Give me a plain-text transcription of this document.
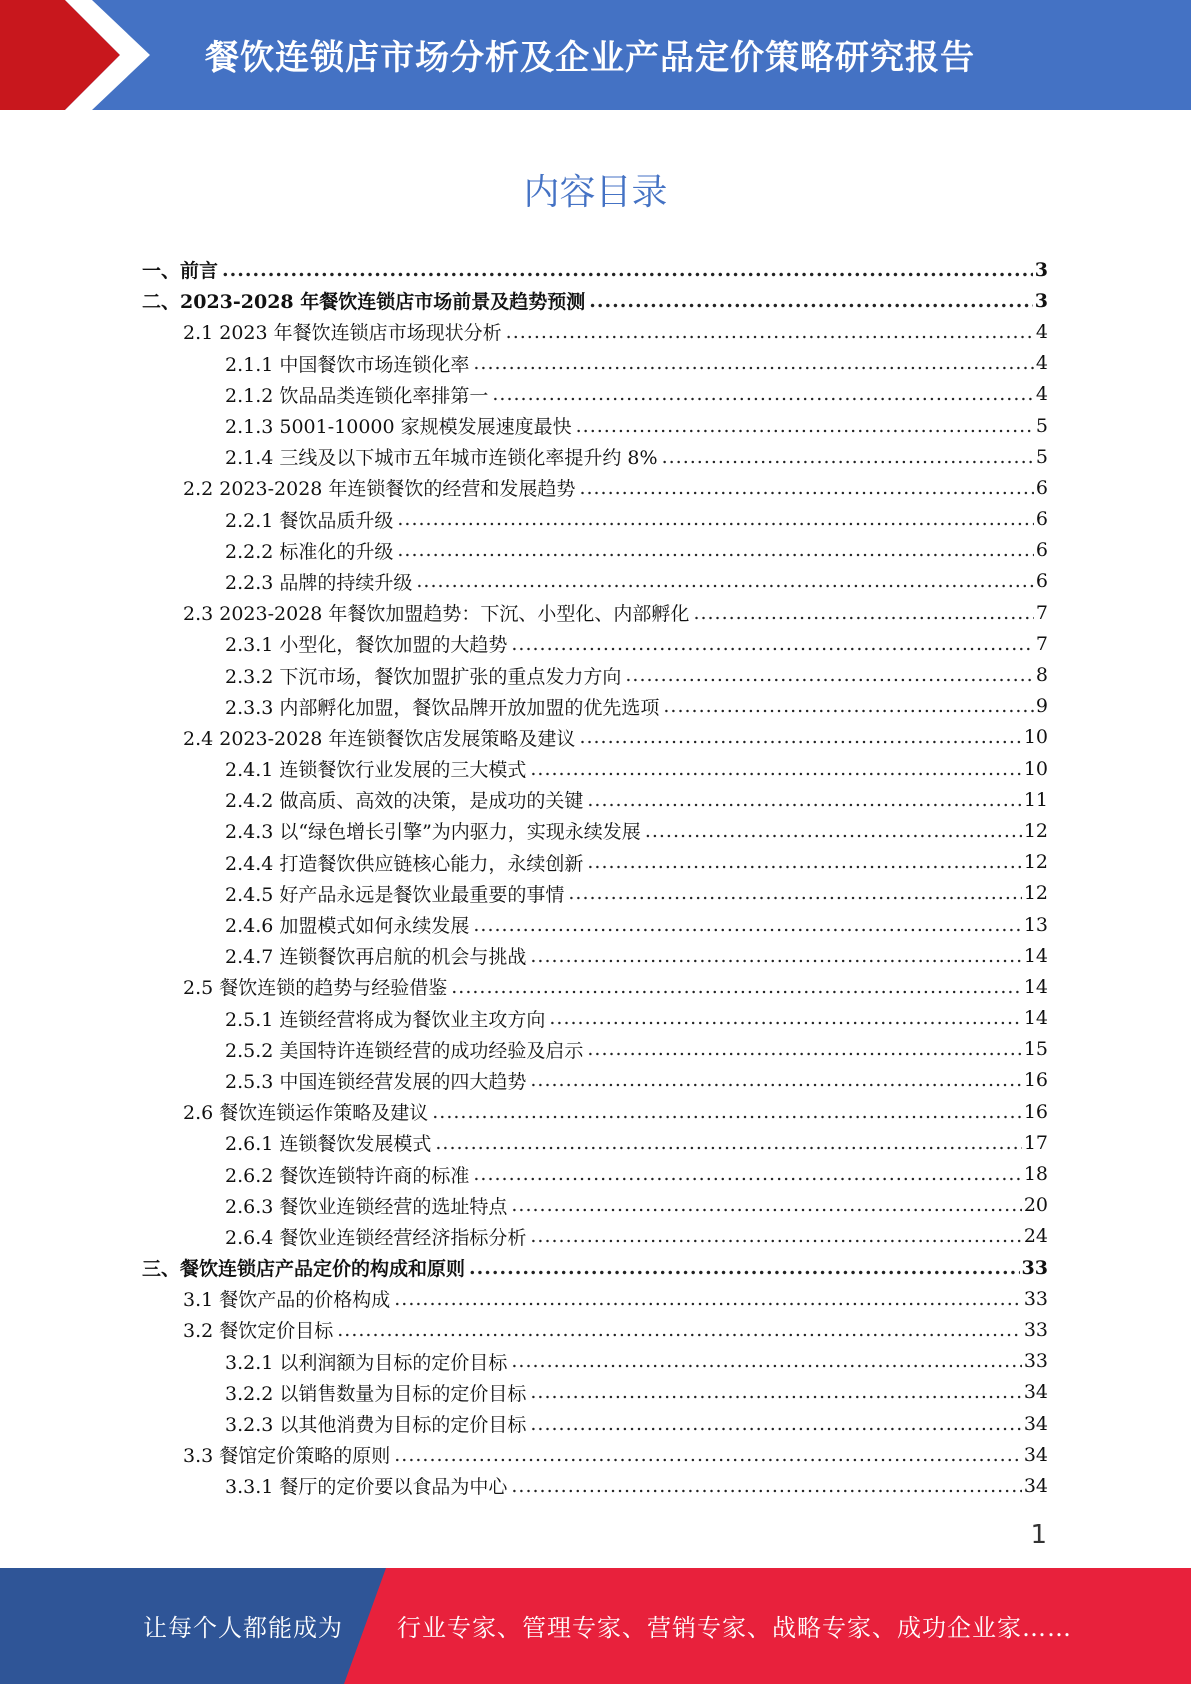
餐饮连锁店市场分析及企业产品定价策略研究报告
内容目录
一、前言 .....	3
二、2023-2028 年餐饮连锁店市场前景及趋势预测 .....	3
2.1 2023 年餐饮连锁店市场现状分析 .....	4
2.1.1 中国餐饮市场连锁化率 .....	4
2.1.2 饮品品类连锁化率排第一 .....	4
2.1.3 5001-10000 家规模发展速度最快 .....	5
2.1.4 三线及以下城市五年城市连锁化率提升约 8% .....	5
2.2 2023-2028 年连锁餐饮的经营和发展趋势 .....	6
2.2.1 餐饮品质升级 .....	6
2.2.2 标准化的升级 .....	6
2.2.3 品牌的持续升级 .....	6
2.3 2023-2028 年餐饮加盟趋势：下沉、小型化、内部孵化 .....	7
2.3.1 小型化，餐饮加盟的大趋势 .....	7
2.3.2 下沉市场，餐饮加盟扩张的重点发力方向 .....	8
2.3.3 内部孵化加盟，餐饮品牌开放加盟的优先选项 .....	9
2.4 2023-2028 年连锁餐饮店发展策略及建议 .....	10
2.4.1 连锁餐饮行业发展的三大模式 .....	10
2.4.2 做高质、高效的决策，是成功的关键 .....	11
2.4.3 以“绿色增长引擎”为内驱力，实现永续发展 .....	12
2.4.4 打造餐饮供应链核心能力，永续创新 .....	12
2.4.5 好产品永远是餐饮业最重要的事情 .....	12
2.4.6 加盟模式如何永续发展 .....	13
2.4.7 连锁餐饮再启航的机会与挑战 .....	14
2.5 餐饮连锁的趋势与经验借鉴 .....	14
2.5.1 连锁经营将成为餐饮业主攻方向 .....	14
2.5.2 美国特许连锁经营的成功经验及启示 .....	15
2.5.3 中国连锁经营发展的四大趋势 .....	16
2.6 餐饮连锁运作策略及建议 .....	16
2.6.1 连锁餐饮发展模式 .....	17
2.6.2 餐饮连锁特许商的标准 .....	18
2.6.3 餐饮业连锁经营的选址特点 .....	20
2.6.4 餐饮业连锁经营经济指标分析 .....	24
三、餐饮连锁店产品定价的构成和原则 .....	33
3.1 餐饮产品的价格构成 .....	33
3.2 餐饮定价目标 .....	33
3.2.1 以利润额为目标的定价目标 .....	33
3.2.2 以销售数量为目标的定价目标 .....	34
3.2.3 以其他消费为目标的定价目标 .....	34
3.3 餐馆定价策略的原则 .....	34
3.3.1 餐厅的定价要以食品为中心 .....	34
1
让每个人都能成为 行业专家、管理专家、营销专家、战略专家、成功企业家……
